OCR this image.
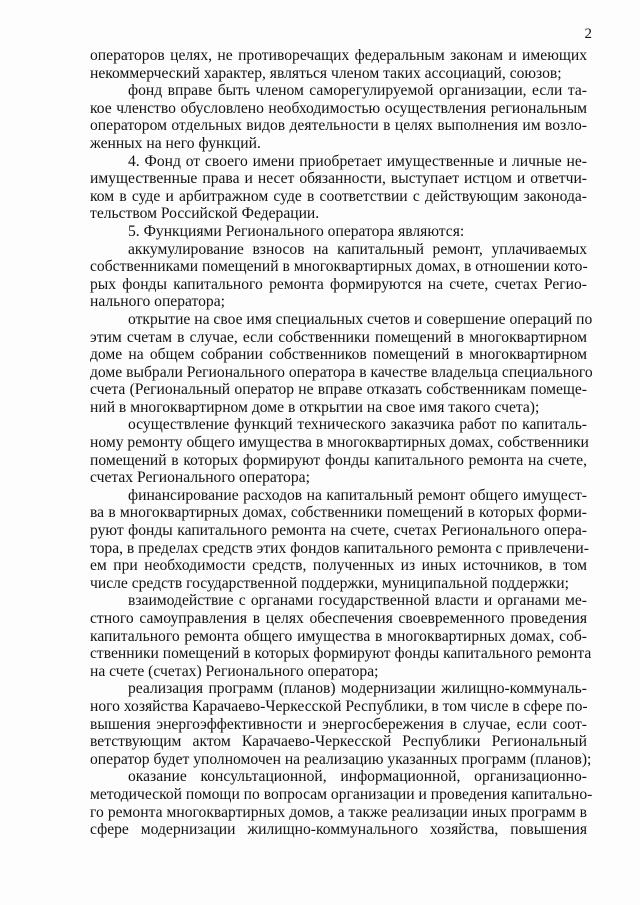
2

операторов целях, не противоречащих федеральным законам и имеющих
некоммерческий характер, являться членом таких ассоциаций, союзов;

фонд вправе быть членом саморегулируемой организации, если та-
кое членство обусловлено необходимостью осуществления региональным
оператором отдельных видов деятельности в целях выполнения им возло-
женных на него функций.

4. Фонд от своего имени приобретает имущественные и личные не-
имущественные права и несет обязанности, выступает истцом и ответчи-
ком в суде и арбитражном суде в соответствии с действующим законода-
тельством Российской Федерации.

5. Функциями Регионального оператора являются:

аккумулирование взносов на капитальный ремонт, уплачиваемых
собственниками помещений в многоквартирных домах, в отношении кото-
рых фонды капитального ремонта формируются на счете, счетах Регио-
нального оператора;

открытие на свое имя специальных счетов и совершение операций по
этим счетам в случае, если собственники помещений в многоквартирном
доме на общем собрании собственников помещений в многоквартирном
доме выбрали Регионального оператора в качестве владельца специального
счета (Региональный оператор не вправе отказать собственникам помеще-
ний в многоквартирном доме в открытии на свое имя такого счета);

осуществление функций технического заказчика работ по капиталь-
ному ремонту общего имущества в многоквартирных домах, собственники
помещений в которых формируют фонды капитального ремонта на счете,
счетах Регионального оператора;

финансирование расходов на капитальный ремонт общего имущест-
ва в многоквартирных домах, собственники помещений в которых форми-
руют фонды капитального ремонта на счете, счетах Регионального опера-
тора, в пределах средств этих фондов капитального ремонта с привлечени-
ем при необходимости средств, полученных из иных источников, в том
числе средств государственной поддержки, муниципальной поддержки;

взаимодействие с органами государственной власти и органами ме-
стного самоуправления в целях обеспечения своевременного проведения
капитального ремонта общего имущества в многоквартирных домах, соб-
ственники помещений в которых формируют фонды капитального ремонта
на счете (счетах) Регионального оператора;

реализация программ (планов) модернизации жилищно-коммуналь-
ного хозяйства Карачаево-Черкесской Республики, в том числе в сфере по-
вышения энергоэффективности и энергосбережения в случае, если соот-
ветствующим актом Карачаево-Черкесской Республики Региональный
оператор будет уполномочен на реализацию указанных программ (планов);

оказание консультационной, информационной, организационно-
методической помощи по вопросам организации и проведения капитально-
го ремонта многоквартирных домов, а также реализации иных программ в
сфере модернизации жилищно-коммунального хозяйства, повышения
